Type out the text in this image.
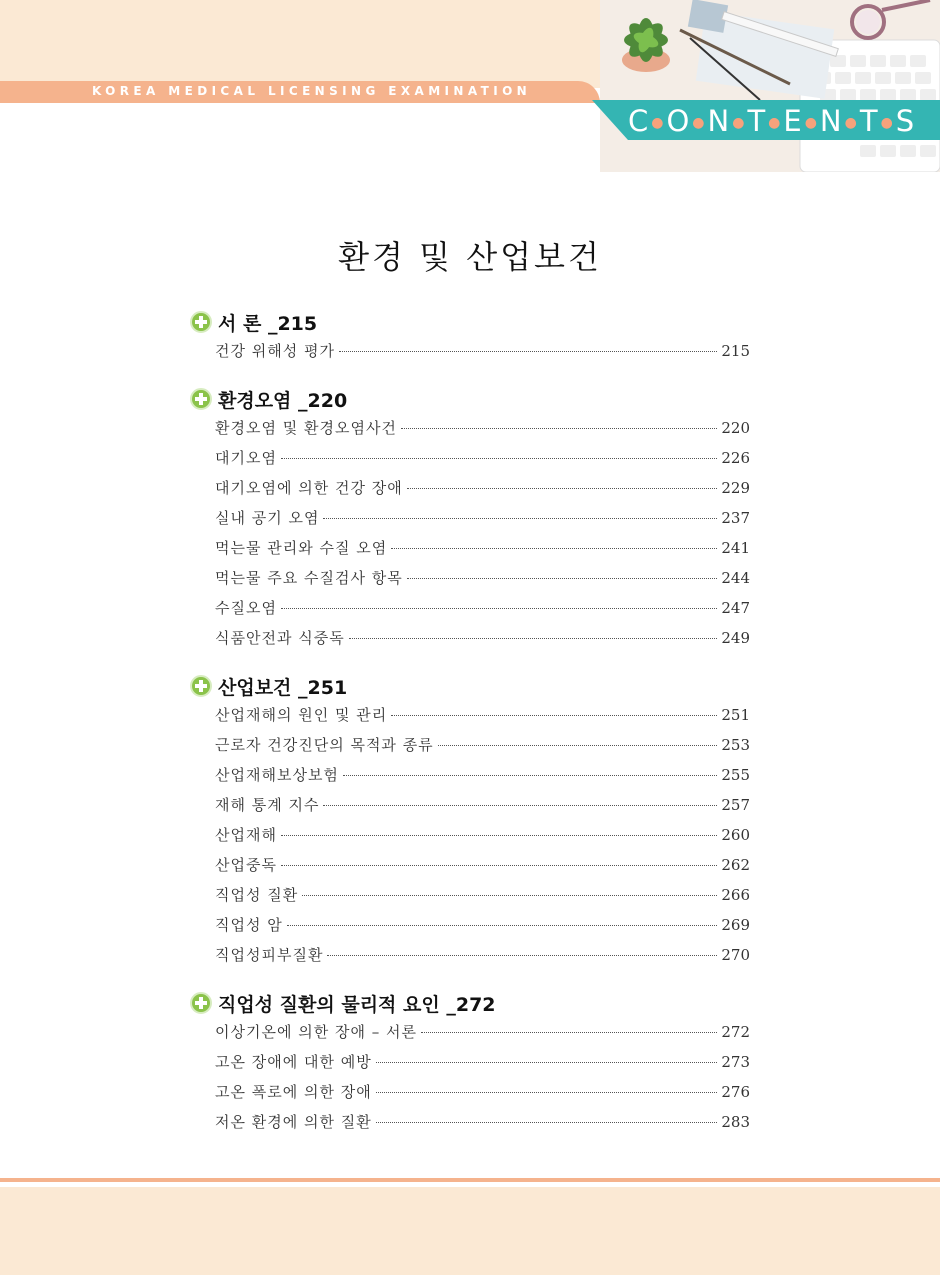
KOREA MEDICAL LICENSING EXAMINATION
C ●O ●N ●T ●E ●N ●T ●S
환경 및 산업보건
서 론 _215
건강 위해성 평가	215
환경오염 _220
환경오염 및 환경오염사건	220
대기오염	226
대기오염에 의한 건강 장애	229
실내 공기 오염	237
먹는물 관리와 수질 오염	241
먹는물 주요 수질검사 항목	244
수질오염	247
식품안전과 식중독	249
산업보건 _251
산업재해의 원인 및 관리	251
근로자 건강진단의 목적과 종류	253
산업재해보상보험	255
재해 통계 지수	257
산업재해	260
산업중독	262
직업성 질환	266
직업성 암	269
직업성피부질환	270
직업성 질환의 물리적 요인 _272
이상기온에 의한 장애 – 서론	272
고온 장애에 대한 예방	273
고온 폭로에 의한 장애	276
저온 환경에 의한 질환	283
